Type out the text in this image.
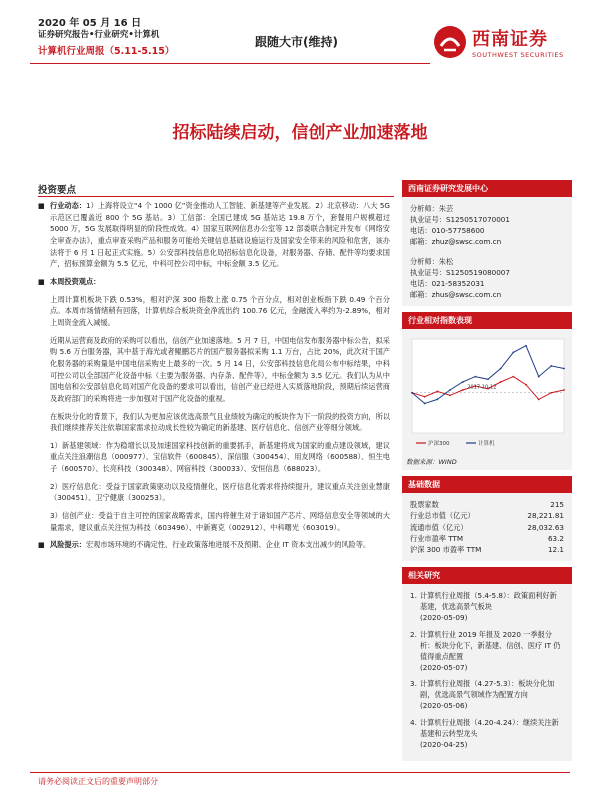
2020 年 05 月 16 日
证券研究报告•行业研究•计算机
计算机行业周报（5.11-5.15）
跟随大市(维持)	西南证券
SOUTHWEST SECURITIES
招标陆续启动，信创产业加速落地
投资要点

■ 行业动态：1）上海将设立“4 个 1000 亿”资金推动人工智能、新基建等产业发展。2）北京移动：八大 5G 示范区已覆盖近 800 个 5G 基站。3）工信部：全国已建成 5G 基站达 19.8 万个，套餐用户规模超过 5000 万，5G 发展取得明显的阶段性成效。4）国家互联网信息办公室等 12 部委联合制定并发布《网络安全审查办法》，重点审查采购产品和服务可能给关键信息基础设施运行及国家安全带来的风险和危害，该办法将于 6 月 1 日起正式实施。5）公安部科技信息化局招标信息化设备，对服务器、存储、配件等均要求国产，招标预算金额为 5.5 亿元，中科可控公司中标，中标金额 3.5 亿元。

■ 本周投资观点：

上周计算机板块下跌 0.53%，相对沪深 300 指数上涨 0.75 个百分点，相对创业板指下跌 0.49 个百分点。本周市场情绪稍有回落，计算机综合板块资金净流出约 100.76 亿元，金融流入率约为-2.89%，相对上周资金流入减缓。

近期从运营商及政府的采购可以看出，信创产业加速落地。5 月 7 日，中国电信发布服务器中标公告，拟采购 5.6 万台服务器，其中基于海光或者鲲鹏芯片的国产服务器拟采购 1.1 万台，占比 20%，此次对于国产化服务器的采购量是中国电信采购史上最多的一次。5 月 14 日，公安部科技信息化局公布中标结果，中科可控公司以全部国产化设备中标（主要为服务器、内存条、配件等），中标金额为 3.5 亿元。我们认为从中国电信和公安部信息化局对国产化设备的要求可以看出，信创产业已经进入实质落地阶段，预期后续运营商及政府部门的采购将进一步加强对于国产化设备的重视。

在板块分化的背景下，我们认为更加应该优选高景气且业绩较为确定的板块作为下一阶段的投资方向，所以我们继续推荐关注依靠国家需求拉动成长性较为确定的新基建、医疗信息化、信创产业等细分领域。

1）新基建领域：作为稳增长以及加速国家科技创新的重要抓手，新基建将成为国家的重点建设领域，建议重点关注浪潮信息（000977）、宝信软件（600845）、深信服（300454）、用友网络（600588）、恒生电子（600570）、长亮科技（300348）、网宿科技（300033）、安恒信息（688023）。

2）医疗信息化：受益于国家政策驱动以及疫情催化，医疗信息化需求将持续提升，建议重点关注创业慧康（300451）、卫宁健康（300253）。

3）信创产业：受益于自主可控的国家战略需求，国内将催生对于诸如国产芯片、网络信息安全等领域的大量需求，建议重点关注恒为科技（603496）、中新赛克（002912）、中科曙光（603019）。

■ 风险提示：宏观市场环境的不确定性、行业政策落地进展不及预期、企业 IT 资本支出减少的风险等。

西南证券研究发展中心
分析师：朱芸
执业证号：S1250517070001
电话：010-57758600
邮箱：zhuz@swsc.com.cn
分析师：朱松
执业证号：S1250519080007
电话：021-58352031
邮箱：zhus@swsc.com.cn
行业相对指数表现
2017-10-12
沪深300	计算机
数据来源：WIND
基础数据
股票家数	215
行业总市值（亿元）	28,221.81
流通市值（亿元）	28,032.63
行业市盈率 TTM	63.2
沪深 300 市盈率 TTM	12.1
相关研究
1. 计算机行业周报（5.4-5.8）：政策面利好新基建，优选高景气板块
(2020-05-09)
2. 计算机行业 2019 年报及 2020 一季报分析：板块分化下，新基建、信创、医疗 IT 仍值得重点配置
(2020-05-07)
3. 计算机行业周报（4.27-5.3）：板块分化加剧，优选高景气领域作为配置方向
(2020-05-06)
4. 计算机行业周报（4.20-4.24）：继续关注新基建和云转型龙头
(2020-04-25)
请务必阅读正文后的重要声明部分
